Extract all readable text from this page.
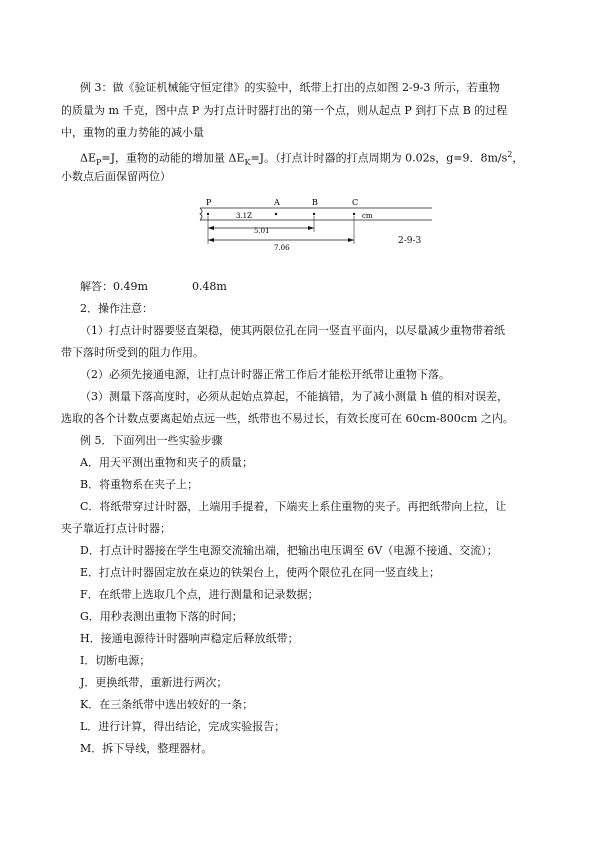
例 3：做《验证机械能守恒定律》的实验中，纸带上打出的点如图 2-9-3 所示，若重物
的质量为 m 千克，图中点 P 为打点计时器打出的第一个点，则从起点 P 到打下点 B 的过程
中，重物的重力势能的减小量
$\Delta E_P=J$，重物的动能的增加量 $\Delta E_K=J$。（打点计时器的打点周期为 0.02s，g=9．$8m/s^2$，
小数点后面保留两位）
P	A	B	C
cm
3.1Z
5.01
7.06
2-9-3
解答：0.49m	0.48m
2．操作注意：
（1）打点计时器要竖直架稳，使其两限位孔在同一竖直平面内，以尽量减少重物带着纸
带下落时所受到的阻力作用。
（2）必须先接通电源，让打点计时器正常工作后才能松开纸带让重物下落。
（3）测量下落高度时，必须从起始点算起，不能搞错，为了减小测量 h 值的相对误差，
选取的各个计数点要离起始点远一些，纸带也不易过长，有效长度可在 60cm-800cm 之内。
例 5．下面列出一些实验步骤
A．用天平测出重物和夹子的质量；
B．将重物系在夹子上；
C．将纸带穿过计时器，上端用手提着，下端夹上系住重物的夹子。再把纸带向上拉，让
夹子靠近打点计时器；
D．打点计时器接在学生电源交流输出端，把输出电压调至 6V（电源不接通、交流）；
E．打点计时器固定放在桌边的铁架台上，使两个限位孔在同一竖直线上；
F．在纸带上选取几个点，进行测量和记录数据；
G．用秒表测出重物下落的时间；
H．接通电源待计时器响声稳定后释放纸带；
I．切断电源；
J．更换纸带，重新进行两次；
K．在三条纸带中选出较好的一条；
L．进行计算，得出结论，完成实验报告；
M．拆下导线，整理器材。
